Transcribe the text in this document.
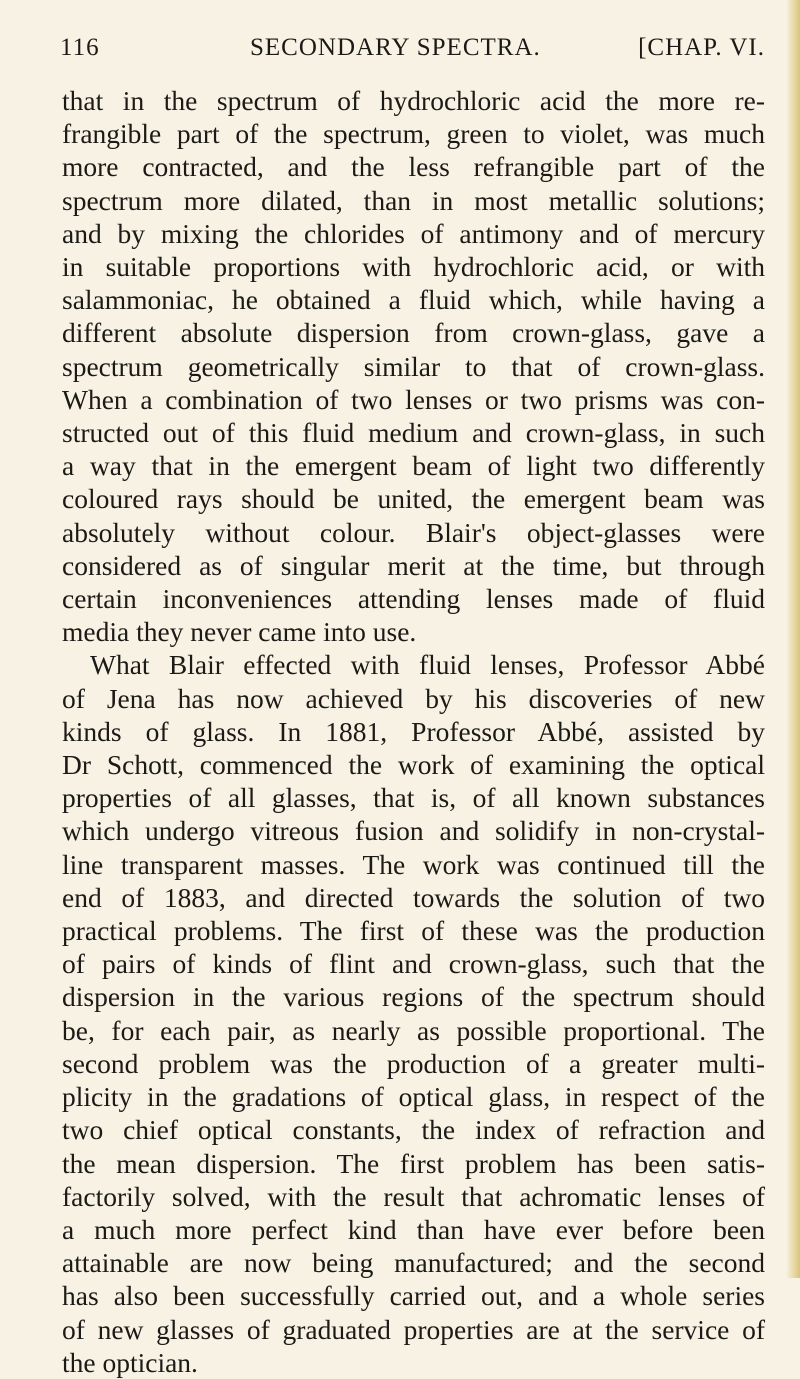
116	SECONDARY SPECTRA.	[CHAP. VI.

that in the spectrum of hydrochloric acid the more re-
frangible part of the spectrum, green to violet, was much
more contracted, and the less refrangible part of the
spectrum more dilated, than in most metallic solutions;
and by mixing the chlorides of antimony and of mercury
in suitable proportions with hydrochloric acid, or with
salammoniac, he obtained a fluid which, while having a
different absolute dispersion from crown-glass, gave a
spectrum geometrically similar to that of crown-glass.
When a combination of two lenses or two prisms was con-
structed out of this fluid medium and crown-glass, in such
a way that in the emergent beam of light two differently
coloured rays should be united, the emergent beam was
absolutely without colour. Blair's object-glasses were
considered as of singular merit at the time, but through
certain inconveniences attending lenses made of fluid
media they never came into use.

What Blair effected with fluid lenses, Professor Abbé
of Jena has now achieved by his discoveries of new
kinds of glass. In 1881, Professor Abbé, assisted by
Dr Schott, commenced the work of examining the optical
properties of all glasses, that is, of all known substances
which undergo vitreous fusion and solidify in non-crystal-
line transparent masses. The work was continued till the
end of 1883, and directed towards the solution of two
practical problems. The first of these was the production
of pairs of kinds of flint and crown-glass, such that the
dispersion in the various regions of the spectrum should
be, for each pair, as nearly as possible proportional. The
second problem was the production of a greater multi-
plicity in the gradations of optical glass, in respect of the
two chief optical constants, the index of refraction and
the mean dispersion. The first problem has been satis-
factorily solved, with the result that achromatic lenses of
a much more perfect kind than have ever before been
attainable are now being manufactured; and the second
has also been successfully carried out, and a whole series
of new glasses of graduated properties are at the service of
the optician.
